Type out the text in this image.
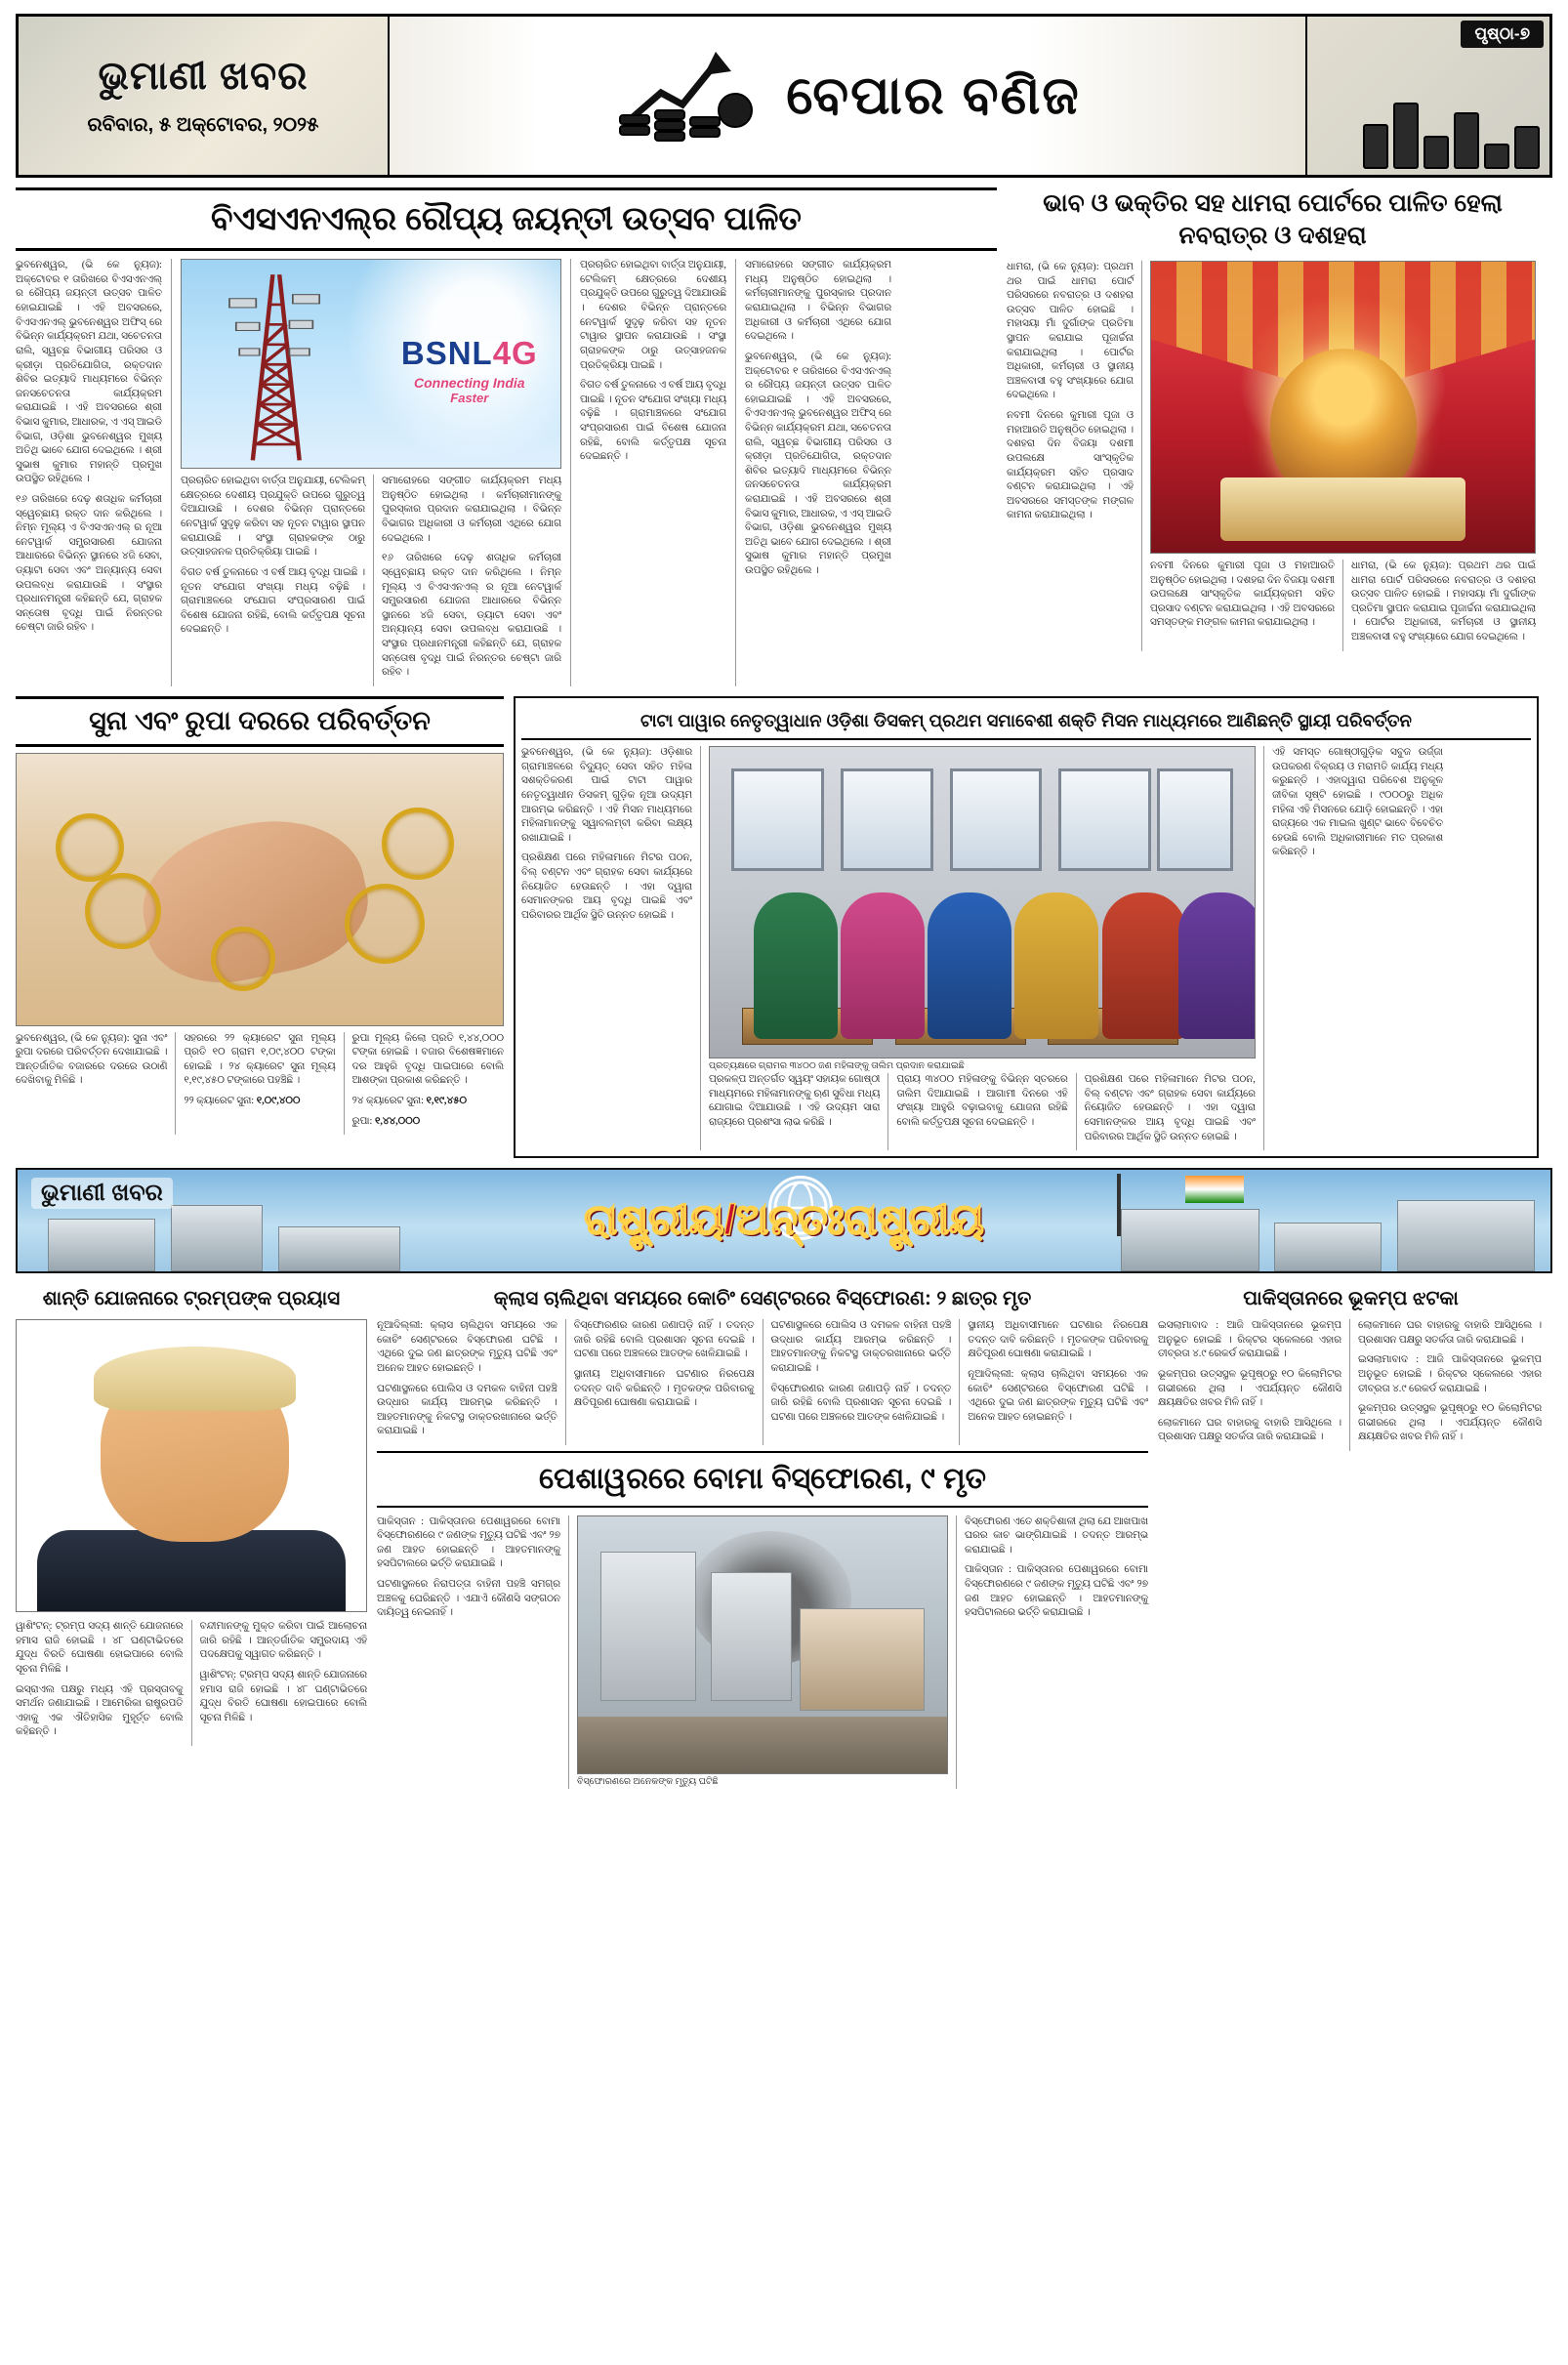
ଭୁମାଣୀ ଖବର
ରବିବାର, ୫ ଅକ୍ଟୋବର, ୨୦୨୫
ବେପାର ବଣିଜ
ପୃଷ୍ଠା-୭
ବିଏସଏନଏଲ୍‌ର ରୌପ୍ୟ ଜୟନ୍ତୀ ଉତ୍ସବ ପାଳିତ

ଭୁବନେଶ୍ୱର, (ଭି କେ ନ୍ୟୁଜ): ଅକ୍ଟୋବର ୧ ତାରିଖରେ ବିଏସଏନଏଲ୍ ର ରୌପ୍ୟ ଜୟନ୍ତୀ ଉତ୍ସବ ପାଳିତ ହୋଇଯାଇଛି । ଏହି ଅବସରରେ, ବିଏସଏନଏଲ୍ ଭୁବନେଶ୍ୱର ଅଫିସ୍ ରେ ବିଭିନ୍ନ କାର୍ଯ୍ୟକ୍ରମ ଯଥା, ସଚେତନତା ରାଲି, ସ୍ୱଚ୍ଛ ବିଭାଗୀୟ ପରିସର ଓ କ୍ରୀଡ଼ା ପ୍ରତିଯୋଗିତା, ରକ୍ତଦାନ ଶିବିର ଇତ୍ୟାଦି ମାଧ୍ୟମରେ ବିଭିନ୍ନ ଜନସଚେତନତା କାର୍ଯ୍ୟକ୍ରମ କରାଯାଇଛି । ଏହି ଅବସରରେ ଶ୍ରୀ ବିଭାସ କୁମାର, ଆଧାରକ, ଏ ଏସ୍ ଆଇଡି ବିଭାଗ, ଓଡ଼ିଶା ଭୁବନେଶ୍ୱର ମୁଖ୍ୟ ଅତିଥି ଭାବେ ଯୋଗ ଦେଇଥିଲେ । ଶ୍ରୀ ସୁଭାଷ କୁମାର ମହାନ୍ତି ପ୍ରମୁଖ ଉପସ୍ଥିତ ରହିଥିଲେ ।

୧୬ ତାରିଖରେ ଦେଢ଼ ଶତାଧିକ କର୍ମଚାରୀ ସ୍ୱେଚ୍ଛାୟ ରକ୍ତ ଦାନ କରିଥିଲେ । ନିମ୍ନ ମୂଲ୍ୟ ଏ ବିଏସଏନଏଲ୍ ର ନୂଆ ନେଟୱାର୍କ ସମ୍ପ୍ରସାରଣ ଯୋଜନା ଆଧାରରେ ବିଭିନ୍ନ ସ୍ଥାନରେ ୪ଜି ସେବା, ଡ୍ୟାଟା ସେବା ଏବଂ ଅନ୍ୟାନ୍ୟ ସେବା ଉପଲବ୍ଧ କରାଯାଉଛି । ସଂସ୍ଥାର ପ୍ରଧାନମନ୍ତ୍ରୀ କହିଛନ୍ତି ଯେ, ଗ୍ରାହକ ସନ୍ତୋଷ ବୃଦ୍ଧି ପାଇଁ ନିରନ୍ତର ଚେଷ୍ଟା ଜାରି ରହିବ ।

BSNL4G
Connecting India
Faster

ପ୍ରଚାରିତ ହୋଇଥିବା ବାର୍ତ୍ତା ଅନୁଯାୟୀ, ଟେଲିକମ୍ କ୍ଷେତ୍ରରେ ଦେଶୀୟ ପ୍ରଯୁକ୍ତି ଉପରେ ଗୁରୁତ୍ୱ ଦିଆଯାଉଛି । ଦେଶର ବିଭିନ୍ନ ପ୍ରାନ୍ତରେ ନେଟୱାର୍କ ସୁଦୃଢ଼ କରିବା ସହ ନୂତନ ଟାୱାର ସ୍ଥାପନ କରାଯାଉଛି । ସଂସ୍ଥା ଗ୍ରାହକଙ୍କ ଠାରୁ ଉତ୍ସାହଜନକ ପ୍ରତିକ୍ରିୟା ପାଇଛି ।

ବିଗତ ବର୍ଷ ତୁଳନାରେ ଏ ବର୍ଷ ଆୟ ବୃଦ୍ଧି ପାଇଛି । ନୂତନ ସଂଯୋଗ ସଂଖ୍ୟା ମଧ୍ୟ ବଢ଼ିଛି । ଗ୍ରାମାଞ୍ଚଳରେ ସଂଯୋଗ ସଂପ୍ରସାରଣ ପାଇଁ ବିଶେଷ ଯୋଜନା ରହିଛି, ବୋଲି କର୍ତ୍ତୃପକ୍ଷ ସୂଚନା ଦେଇଛନ୍ତି ।

ସମାରୋହରେ ସଙ୍ଗୀତ କାର୍ଯ୍ୟକ୍ରମ ମଧ୍ୟ ଅନୁଷ୍ଠିତ ହୋଇଥିଲା । କର୍ମଚାରୀମାନଙ୍କୁ ପୁରସ୍କାର ପ୍ରଦାନ କରାଯାଇଥିଲା । ବିଭିନ୍ନ ବିଭାଗର ଅଧିକାରୀ ଓ କର୍ମଚାରୀ ଏଥିରେ ଯୋଗ ଦେଇଥିଲେ ।

୧୬ ତାରିଖରେ ଦେଢ଼ ଶତାଧିକ କର୍ମଚାରୀ ସ୍ୱେଚ୍ଛାୟ ରକ୍ତ ଦାନ କରିଥିଲେ । ନିମ୍ନ ମୂଲ୍ୟ ଏ ବିଏସଏନଏଲ୍ ର ନୂଆ ନେଟୱାର୍କ ସମ୍ପ୍ରସାରଣ ଯୋଜନା ଆଧାରରେ ବିଭିନ୍ନ ସ୍ଥାନରେ ୪ଜି ସେବା, ଡ୍ୟାଟା ସେବା ଏବଂ ଅନ୍ୟାନ୍ୟ ସେବା ଉପଲବ୍ଧ କରାଯାଉଛି । ସଂସ୍ଥାର ପ୍ରଧାନମନ୍ତ୍ରୀ କହିଛନ୍ତି ଯେ, ଗ୍ରାହକ ସନ୍ତୋଷ ବୃଦ୍ଧି ପାଇଁ ନିରନ୍ତର ଚେଷ୍ଟା ଜାରି ରହିବ ।

ପ୍ରଚାରିତ ହୋଇଥିବା ବାର୍ତ୍ତା ଅନୁଯାୟୀ, ଟେଲିକମ୍ କ୍ଷେତ୍ରରେ ଦେଶୀୟ ପ୍ରଯୁକ୍ତି ଉପରେ ଗୁରୁତ୍ୱ ଦିଆଯାଉଛି । ଦେଶର ବିଭିନ୍ନ ପ୍ରାନ୍ତରେ ନେଟୱାର୍କ ସୁଦୃଢ଼ କରିବା ସହ ନୂତନ ଟାୱାର ସ୍ଥାପନ କରାଯାଉଛି । ସଂସ୍ଥା ଗ୍ରାହକଙ୍କ ଠାରୁ ଉତ୍ସାହଜନକ ପ୍ରତିକ୍ରିୟା ପାଇଛି ।

ବିଗତ ବର୍ଷ ତୁଳନାରେ ଏ ବର୍ଷ ଆୟ ବୃଦ୍ଧି ପାଇଛି । ନୂତନ ସଂଯୋଗ ସଂଖ୍ୟା ମଧ୍ୟ ବଢ଼ିଛି । ଗ୍ରାମାଞ୍ଚଳରେ ସଂଯୋଗ ସଂପ୍ରସାରଣ ପାଇଁ ବିଶେଷ ଯୋଜନା ରହିଛି, ବୋଲି କର୍ତ୍ତୃପକ୍ଷ ସୂଚନା ଦେଇଛନ୍ତି ।

ସମାରୋହରେ ସଙ୍ଗୀତ କାର୍ଯ୍ୟକ୍ରମ ମଧ୍ୟ ଅନୁଷ୍ଠିତ ହୋଇଥିଲା । କର୍ମଚାରୀମାନଙ୍କୁ ପୁରସ୍କାର ପ୍ରଦାନ କରାଯାଇଥିଲା । ବିଭିନ୍ନ ବିଭାଗର ଅଧିକାରୀ ଓ କର୍ମଚାରୀ ଏଥିରେ ଯୋଗ ଦେଇଥିଲେ ।

ଭୁବନେଶ୍ୱର, (ଭି କେ ନ୍ୟୁଜ): ଅକ୍ଟୋବର ୧ ତାରିଖରେ ବିଏସଏନଏଲ୍ ର ରୌପ୍ୟ ଜୟନ୍ତୀ ଉତ୍ସବ ପାଳିତ ହୋଇଯାଇଛି । ଏହି ଅବସରରେ, ବିଏସଏନଏଲ୍ ଭୁବନେଶ୍ୱର ଅଫିସ୍ ରେ ବିଭିନ୍ନ କାର୍ଯ୍ୟକ୍ରମ ଯଥା, ସଚେତନତା ରାଲି, ସ୍ୱଚ୍ଛ ବିଭାଗୀୟ ପରିସର ଓ କ୍ରୀଡ଼ା ପ୍ରତିଯୋଗିତା, ରକ୍ତଦାନ ଶିବିର ଇତ୍ୟାଦି ମାଧ୍ୟମରେ ବିଭିନ୍ନ ଜନସଚେତନତା କାର୍ଯ୍ୟକ୍ରମ କରାଯାଇଛି । ଏହି ଅବସରରେ ଶ୍ରୀ ବିଭାସ କୁମାର, ଆଧାରକ, ଏ ଏସ୍ ଆଇଡି ବିଭାଗ, ଓଡ଼ିଶା ଭୁବନେଶ୍ୱର ମୁଖ୍ୟ ଅତିଥି ଭାବେ ଯୋଗ ଦେଇଥିଲେ । ଶ୍ରୀ ସୁଭାଷ କୁମାର ମହାନ୍ତି ପ୍ରମୁଖ ଉପସ୍ଥିତ ରହିଥିଲେ ।

ଭାବ ଓ ଭକ୍ତିର ସହ ଧାମରା ପୋର୍ଟରେ ପାଳିତ ହେଲା ନବରାତ୍ର ଓ ଦଶହରା

ଧାମରା, (ଭି କେ ନ୍ୟୁଜ): ପ୍ରଥମ ଥର ପାଇଁ ଧାମରା ପୋର୍ଟ ପରିସରରେ ନବରାତ୍ର ଓ ଦଶହରା ଉତ୍ସବ ପାଳିତ ହୋଇଛି । ମହାସୟା ମାଁ ଦୁର୍ଗାଙ୍କ ପ୍ରତିମା ସ୍ଥାପନ କରାଯାଇ ପୂଜାର୍ଚ୍ଚନା କରାଯାଇଥିଲା । ପୋର୍ଟର ଅଧିକାରୀ, କର୍ମଚାରୀ ଓ ସ୍ଥାନୀୟ ଅଞ୍ଚଳବାସୀ ବହୁ ସଂଖ୍ୟାରେ ଯୋଗ ଦେଇଥିଲେ ।

ନବମୀ ଦିନରେ କୁମାରୀ ପୂଜା ଓ ମହାଆରତି ଅନୁଷ୍ଠିତ ହୋଇଥିଲା । ଦଶହରା ଦିନ ବିଜୟା ଦଶମୀ ଉପଲକ୍ଷେ ସାଂସ୍କୃତିକ କାର୍ଯ୍ୟକ୍ରମ ସହିତ ପ୍ରସାଦ ବଣ୍ଟନ କରାଯାଇଥିଲା । ଏହି ଅବସରରେ ସମସ୍ତଙ୍କ ମଙ୍ଗଳ କାମନା କରାଯାଇଥିଲା ।

ନବମୀ ଦିନରେ କୁମାରୀ ପୂଜା ଓ ମହାଆରତି ଅନୁଷ୍ଠିତ ହୋଇଥିଲା । ଦଶହରା ଦିନ ବିଜୟା ଦଶମୀ ଉପଲକ୍ଷେ ସାଂସ୍କୃତିକ କାର୍ଯ୍ୟକ୍ରମ ସହିତ ପ୍ରସାଦ ବଣ୍ଟନ କରାଯାଇଥିଲା । ଏହି ଅବସରରେ ସମସ୍ତଙ୍କ ମଙ୍ଗଳ କାମନା କରାଯାଇଥିଲା ।

ଧାମରା, (ଭି କେ ନ୍ୟୁଜ): ପ୍ରଥମ ଥର ପାଇଁ ଧାମରା ପୋର୍ଟ ପରିସରରେ ନବରାତ୍ର ଓ ଦଶହରା ଉତ୍ସବ ପାଳିତ ହୋଇଛି । ମହାସୟା ମାଁ ଦୁର୍ଗାଙ୍କ ପ୍ରତିମା ସ୍ଥାପନ କରାଯାଇ ପୂଜାର୍ଚ୍ଚନା କରାଯାଇଥିଲା । ପୋର୍ଟର ଅଧିକାରୀ, କର୍ମଚାରୀ ଓ ସ୍ଥାନୀୟ ଅଞ୍ଚଳବାସୀ ବହୁ ସଂଖ୍ୟାରେ ଯୋଗ ଦେଇଥିଲେ ।

ସୁନା ଏବଂ ରୁପା ଦରରେ ପରିବର୍ତ୍ତନ

ଭୁବନେଶ୍ୱର, (ଭି କେ ନ୍ୟୁଜ): ସୁନା ଏବଂ ରୁପା ଦରରେ ପରିବର୍ତ୍ତନ ଦେଖାଯାଇଛି । ଆନ୍ତର୍ଜାତିକ ବଜାରରେ ଦରରେ ଉଠାଣି ଦେଖିବାକୁ ମିଳିଛି ।

ସହରରେ ୨୨ କ୍ୟାରେଟ ସୁନା ମୂଲ୍ୟ ପ୍ରତି ୧୦ ଗ୍ରାମ ୧,୦୯,୪୦୦ ଟଙ୍କା ହୋଇଛି । ୨୪ କ୍ୟାରେଟ ସୁନା ମୂଲ୍ୟ ୧,୧୯,୪୫୦ ଟଙ୍କାରେ ପହଞ୍ଚିଛି ।

୨୨ କ୍ୟାରେଟ ସୁନା: ୧,୦୯,୪୦୦

ରୁପା ମୂଲ୍ୟ କିଲୋ ପ୍ରତି ୧,୪୪,୦୦୦ ଟଙ୍କା ହୋଇଛି । ବଜାର ବିଶେଷଜ୍ଞମାନେ ଦର ଆହୁରି ବୃଦ୍ଧି ପାଇପାରେ ବୋଲି ଆଶଙ୍କା ପ୍ରକାଶ କରିଛନ୍ତି ।

୨୪ କ୍ୟାରେଟ ସୁନା: ୧,୧୯,୪୫୦

ରୁପା: ୧,୪୪,୦୦୦

ଟାଟା ପାୱାର ନେତୃତ୍ୱାଧାନ ଓଡ଼ିଶା ଡିସକମ୍ ପ୍ରଥମ ସମାବେଶୀ ଶକ୍ତି ମିସନ ମାଧ୍ୟମରେ ଆଣିଛନ୍ତି ସ୍ଥାୟୀ ପରିବର୍ତ୍ତନ

ଭୁବନେଶ୍ୱର, (ଭି କେ ନ୍ୟୁଜ): ଓଡ଼ିଶାର ଗ୍ରାମାଞ୍ଚଳରେ ବିଦ୍ୟୁତ୍ ସେବା ସହିତ ମହିଳା ସଶକ୍ତିକରଣ ପାଇଁ ଟାଟା ପାୱାର ନେତୃତ୍ୱାଧୀନ ଡିସକମ୍ ଗୁଡ଼ିକ ନୂଆ ଉଦ୍ୟମ ଆରମ୍ଭ କରିଛନ୍ତି । ଏହି ମିସନ ମାଧ୍ୟମରେ ମହିଳାମାନଙ୍କୁ ସ୍ୱାବଲମ୍ବୀ କରିବା ଲକ୍ଷ୍ୟ ରଖାଯାଇଛି ।

ପ୍ରଶିକ୍ଷଣ ପରେ ମହିଳାମାନେ ମିଟର ପଠନ, ବିଲ୍ ବଣ୍ଟନ ଏବଂ ଗ୍ରାହକ ସେବା କାର୍ଯ୍ୟରେ ନିୟୋଜିତ ହେଉଛନ୍ତି । ଏହା ଦ୍ୱାରା ସେମାନଙ୍କର ଆୟ ବୃଦ୍ଧି ପାଇଛି ଏବଂ ପରିବାରର ଆର୍ଥିକ ସ୍ଥିତି ଉନ୍ନତ ହୋଇଛି ।

ପ୍ରତ୍ୟକ୍ଷରେ ଗ୍ରାମର ୩୪୦୦ ଜଣ ମହିଳାଙ୍କୁ ତାଲିମ ପ୍ରଦାନ କରାଯାଇଛି

ପ୍ରକଳ୍ପ ଅନ୍ତର୍ଗତ ସ୍ୱୟଂ ସହାୟକ ଗୋଷ୍ଠୀ ମାଧ୍ୟମରେ ମହିଳାମାନଙ୍କୁ ଋଣ ସୁବିଧା ମଧ୍ୟ ଯୋଗାଇ ଦିଆଯାଉଛି । ଏହି ଉଦ୍ୟମ ସାରା ରାଜ୍ୟରେ ପ୍ରଶଂସା ଲାଭ କରିଛି ।

ପ୍ରାୟ ୩୪୦୦ ମହିଳାଙ୍କୁ ବିଭିନ୍ନ ସ୍ତରରେ ତାଲିମ ଦିଆଯାଇଛି । ଆଗାମୀ ଦିନରେ ଏହି ସଂଖ୍ୟା ଆହୁରି ବଢ଼ାଇବାକୁ ଯୋଜନା ରହିଛି ବୋଲି କର୍ତ୍ତୃପକ୍ଷ ସୂଚନା ଦେଇଛନ୍ତି ।

ପ୍ରଶିକ୍ଷଣ ପରେ ମହିଳାମାନେ ମିଟର ପଠନ, ବିଲ୍ ବଣ୍ଟନ ଏବଂ ଗ୍ରାହକ ସେବା କାର୍ଯ୍ୟରେ ନିୟୋଜିତ ହେଉଛନ୍ତି । ଏହା ଦ୍ୱାରା ସେମାନଙ୍କର ଆୟ ବୃଦ୍ଧି ପାଇଛି ଏବଂ ପରିବାରର ଆର୍ଥିକ ସ୍ଥିତି ଉନ୍ନତ ହୋଇଛି ।

ଏହି ସମସ୍ତ ଗୋଷ୍ଠୀଗୁଡ଼ିକ ସବୁଜ ଉର୍ଜ୍ଜା ଉପକରଣ ବିକ୍ରୟ ଓ ମରାମତି କାର୍ଯ୍ୟ ମଧ୍ୟ କରୁଛନ୍ତି । ଏହାଦ୍ୱାରା ପରିବେଶ ଅନୁକୂଳ ଜୀବିକା ସୃଷ୍ଟି ହୋଇଛି । ୯୦୦୦ରୁ ଅଧିକ ମହିଳା ଏହି ମିସନରେ ଯୋଡ଼ି ହୋଇଛନ୍ତି । ଏହା ରାଜ୍ୟରେ ଏକ ମାଇଲ ଖୁଣ୍ଟ ଭାବେ ବିବେଚିତ ହେଉଛି ବୋଲି ଅଧିକାରୀମାନେ ମତ ପ୍ରକାଶ କରିଛନ୍ତି ।

ଭୁମାଣୀ ଖବର
ରାଷ୍ଟ୍ରୀୟ/ଅନ୍ତଃରାଷ୍ଟ୍ରୀୟ
ଶାନ୍ତି ଯୋଜନାରେ ଟ୍ରମ୍ପଙ୍କ ପ୍ରୟାସ

ୱାଶିଂଟନ୍: ଟ୍ରମ୍ପ ସଦ୍ୟ ଶାନ୍ତି ଯୋଜନାରେ ହମାସ ରାଜି ହୋଇଛି । ୪୮ ଘଣ୍ଟାଭିତରେ ଯୁଦ୍ଧ ବିରତି ଘୋଷଣା ହୋଇପାରେ ବୋଲି ସୂଚନା ମିଳିଛି ।

ଇସ୍ରାଏଲ ପକ୍ଷରୁ ମଧ୍ୟ ଏହି ପ୍ରସ୍ତାବକୁ ସମର୍ଥନ ଜଣାଯାଇଛି । ଆମେରିକା ରାଷ୍ଟ୍ରପତି ଏହାକୁ ଏକ ଐତିହାସିକ ମୁହୂର୍ତ୍ତ ବୋଲି କହିଛନ୍ତି ।

ବନ୍ଦୀମାନଙ୍କୁ ମୁକ୍ତ କରିବା ପାଇଁ ଆଲୋଚନା ଜାରି ରହିଛି । ଆନ୍ତର୍ଜାତିକ ସମ୍ପ୍ରଦାୟ ଏହି ପଦକ୍ଷେପକୁ ସ୍ୱାଗତ କରିଛନ୍ତି ।

ୱାଶିଂଟନ୍: ଟ୍ରମ୍ପ ସଦ୍ୟ ଶାନ୍ତି ଯୋଜନାରେ ହମାସ ରାଜି ହୋଇଛି । ୪୮ ଘଣ୍ଟାଭିତରେ ଯୁଦ୍ଧ ବିରତି ଘୋଷଣା ହୋଇପାରେ ବୋଲି ସୂଚନା ମିଳିଛି ।

କ୍ଲାସ ଚାଲିଥିବା ସମୟରେ କୋଚିଂ ସେଣ୍ଟରରେ ବିସ୍ଫୋରଣ: ୨ ଛାତ୍ର ମୃତ

ନୂଆଦିଲ୍ଲୀ: କ୍ଲାସ ଚାଲିଥିବା ସମୟରେ ଏକ କୋଚିଂ ସେଣ୍ଟରରେ ବିସ୍ଫୋରଣ ଘଟିଛି । ଏଥିରେ ଦୁଇ ଜଣ ଛାତ୍ରଙ୍କ ମୃତ୍ୟୁ ଘଟିଛି ଏବଂ ଅନେକ ଆହତ ହୋଇଛନ୍ତି ।

ଘଟଣାସ୍ଥଳରେ ପୋଲିସ ଓ ଦମକଳ ବାହିନୀ ପହଞ୍ଚି ଉଦ୍ଧାର କାର୍ଯ୍ୟ ଆରମ୍ଭ କରିଛନ୍ତି । ଆହତମାନଙ୍କୁ ନିକଟସ୍ଥ ଡାକ୍ତରଖାନାରେ ଭର୍ତ୍ତି କରାଯାଇଛି ।

ବିସ୍ଫୋରଣର କାରଣ ଜଣାପଡ଼ି ନାହିଁ । ତଦନ୍ତ ଜାରି ରହିଛି ବୋଲି ପ୍ରଶାସନ ସୂଚନା ଦେଇଛି । ଘଟଣା ପରେ ଅଞ୍ଚଳରେ ଆତଙ୍କ ଖେଳିଯାଇଛି ।

ସ୍ଥାନୀୟ ଅଧିବାସୀମାନେ ଘଟଣାର ନିରପେକ୍ଷ ତଦନ୍ତ ଦାବି କରିଛନ୍ତି । ମୃତକଙ୍କ ପରିବାରକୁ କ୍ଷତିପୂରଣ ଘୋଷଣା କରାଯାଇଛି ।

ଘଟଣାସ୍ଥଳରେ ପୋଲିସ ଓ ଦମକଳ ବାହିନୀ ପହଞ୍ଚି ଉଦ୍ଧାର କାର୍ଯ୍ୟ ଆରମ୍ଭ କରିଛନ୍ତି । ଆହତମାନଙ୍କୁ ନିକଟସ୍ଥ ଡାକ୍ତରଖାନାରେ ଭର୍ତ୍ତି କରାଯାଇଛି ।

ବିସ୍ଫୋରଣର କାରଣ ଜଣାପଡ଼ି ନାହିଁ । ତଦନ୍ତ ଜାରି ରହିଛି ବୋଲି ପ୍ରଶାସନ ସୂଚନା ଦେଇଛି । ଘଟଣା ପରେ ଅଞ୍ଚଳରେ ଆତଙ୍କ ଖେଳିଯାଇଛି ।

ସ୍ଥାନୀୟ ଅଧିବାସୀମାନେ ଘଟଣାର ନିରପେକ୍ଷ ତଦନ୍ତ ଦାବି କରିଛନ୍ତି । ମୃତକଙ୍କ ପରିବାରକୁ କ୍ଷତିପୂରଣ ଘୋଷଣା କରାଯାଇଛି ।

ନୂଆଦିଲ୍ଲୀ: କ୍ଲାସ ଚାଲିଥିବା ସମୟରେ ଏକ କୋଚିଂ ସେଣ୍ଟରରେ ବିସ୍ଫୋରଣ ଘଟିଛି । ଏଥିରେ ଦୁଇ ଜଣ ଛାତ୍ରଙ୍କ ମୃତ୍ୟୁ ଘଟିଛି ଏବଂ ଅନେକ ଆହତ ହୋଇଛନ୍ତି ।

ପେଶାୱରରେ ବୋମା ବିସ୍ଫୋରଣ, ୯ ମୃତ

ପାକିସ୍ତାନ : ପାକିସ୍ତାନର ପେଶାୱରରେ ବୋମା ବିସ୍ଫୋରଣରେ ୯ ଜଣଙ୍କ ମୃତ୍ୟୁ ଘଟିଛି ଏବଂ ୨୭ ଜଣ ଆହତ ହୋଇଛନ୍ତି । ଆହତମାନଙ୍କୁ ହସପିଟାଲରେ ଭର୍ତ୍ତି କରାଯାଇଛି ।

ଘଟଣାସ୍ଥଳରେ ନିରାପତ୍ତା ବାହିନୀ ପହଞ୍ଚି ସମଗ୍ର ଅଞ୍ଚଳକୁ ଘେରିଛନ୍ତି । ଏଯାଏଁ କୌଣସି ସଙ୍ଗଠନ ଦାୟିତ୍ୱ ନେଇନାହିଁ ।

ବିସ୍ଫୋରଣରେ ଅନେକଙ୍କ ମୃତ୍ୟୁ ଘଟିଛି

ବିସ୍ଫୋରଣ ଏତେ ଶକ୍ତିଶାଳୀ ଥିଲା ଯେ ଆଖପାଖ ଘରର କାଚ ଭାଙ୍ଗିଯାଇଛି । ତଦନ୍ତ ଆରମ୍ଭ କରାଯାଇଛି ।

ପାକିସ୍ତାନ : ପାକିସ୍ତାନର ପେଶାୱରରେ ବୋମା ବିସ୍ଫୋରଣରେ ୯ ଜଣଙ୍କ ମୃତ୍ୟୁ ଘଟିଛି ଏବଂ ୨୭ ଜଣ ଆହତ ହୋଇଛନ୍ତି । ଆହତମାନଙ୍କୁ ହସପିଟାଲରେ ଭର୍ତ୍ତି କରାଯାଇଛି ।

ପାକିସ୍ତାନରେ ଭୂକମ୍ପ ଝଟକା

ଇସଲାମାବାଦ : ଆଜି ପାକିସ୍ତାନରେ ଭୂକମ୍ପ ଅନୁଭୂତ ହୋଇଛି । ରିକ୍ଟର ସ୍କେଲରେ ଏହାର ତୀବ୍ରତା ୪.୯ ରେକର୍ଡ କରାଯାଇଛି ।

ଭୂକମ୍ପର ଉତ୍ସସ୍ଥଳ ଭୂପୃଷ୍ଠରୁ ୧୦ କିଲୋମିଟର ଗଭୀରରେ ଥିଲା । ଏପର୍ଯ୍ୟନ୍ତ କୌଣସି କ୍ଷୟକ୍ଷତିର ଖବର ମିଳି ନାହିଁ ।

ଲୋକମାନେ ଘର ବାହାରକୁ ବାହାରି ଆସିଥିଲେ । ପ୍ରଶାସନ ପକ୍ଷରୁ ସତର୍କତା ଜାରି କରାଯାଇଛି ।

ଲୋକମାନେ ଘର ବାହାରକୁ ବାହାରି ଆସିଥିଲେ । ପ୍ରଶାସନ ପକ୍ଷରୁ ସତର୍କତା ଜାରି କରାଯାଇଛି ।

ଇସଲାମାବାଦ : ଆଜି ପାକିସ୍ତାନରେ ଭୂକମ୍ପ ଅନୁଭୂତ ହୋଇଛି । ରିକ୍ଟର ସ୍କେଲରେ ଏହାର ତୀବ୍ରତା ୪.୯ ରେକର୍ଡ କରାଯାଇଛି ।

ଭୂକମ୍ପର ଉତ୍ସସ୍ଥଳ ଭୂପୃଷ୍ଠରୁ ୧୦ କିଲୋମିଟର ଗଭୀରରେ ଥିଲା । ଏପର୍ଯ୍ୟନ୍ତ କୌଣସି କ୍ଷୟକ୍ଷତିର ଖବର ମିଳି ନାହିଁ ।
